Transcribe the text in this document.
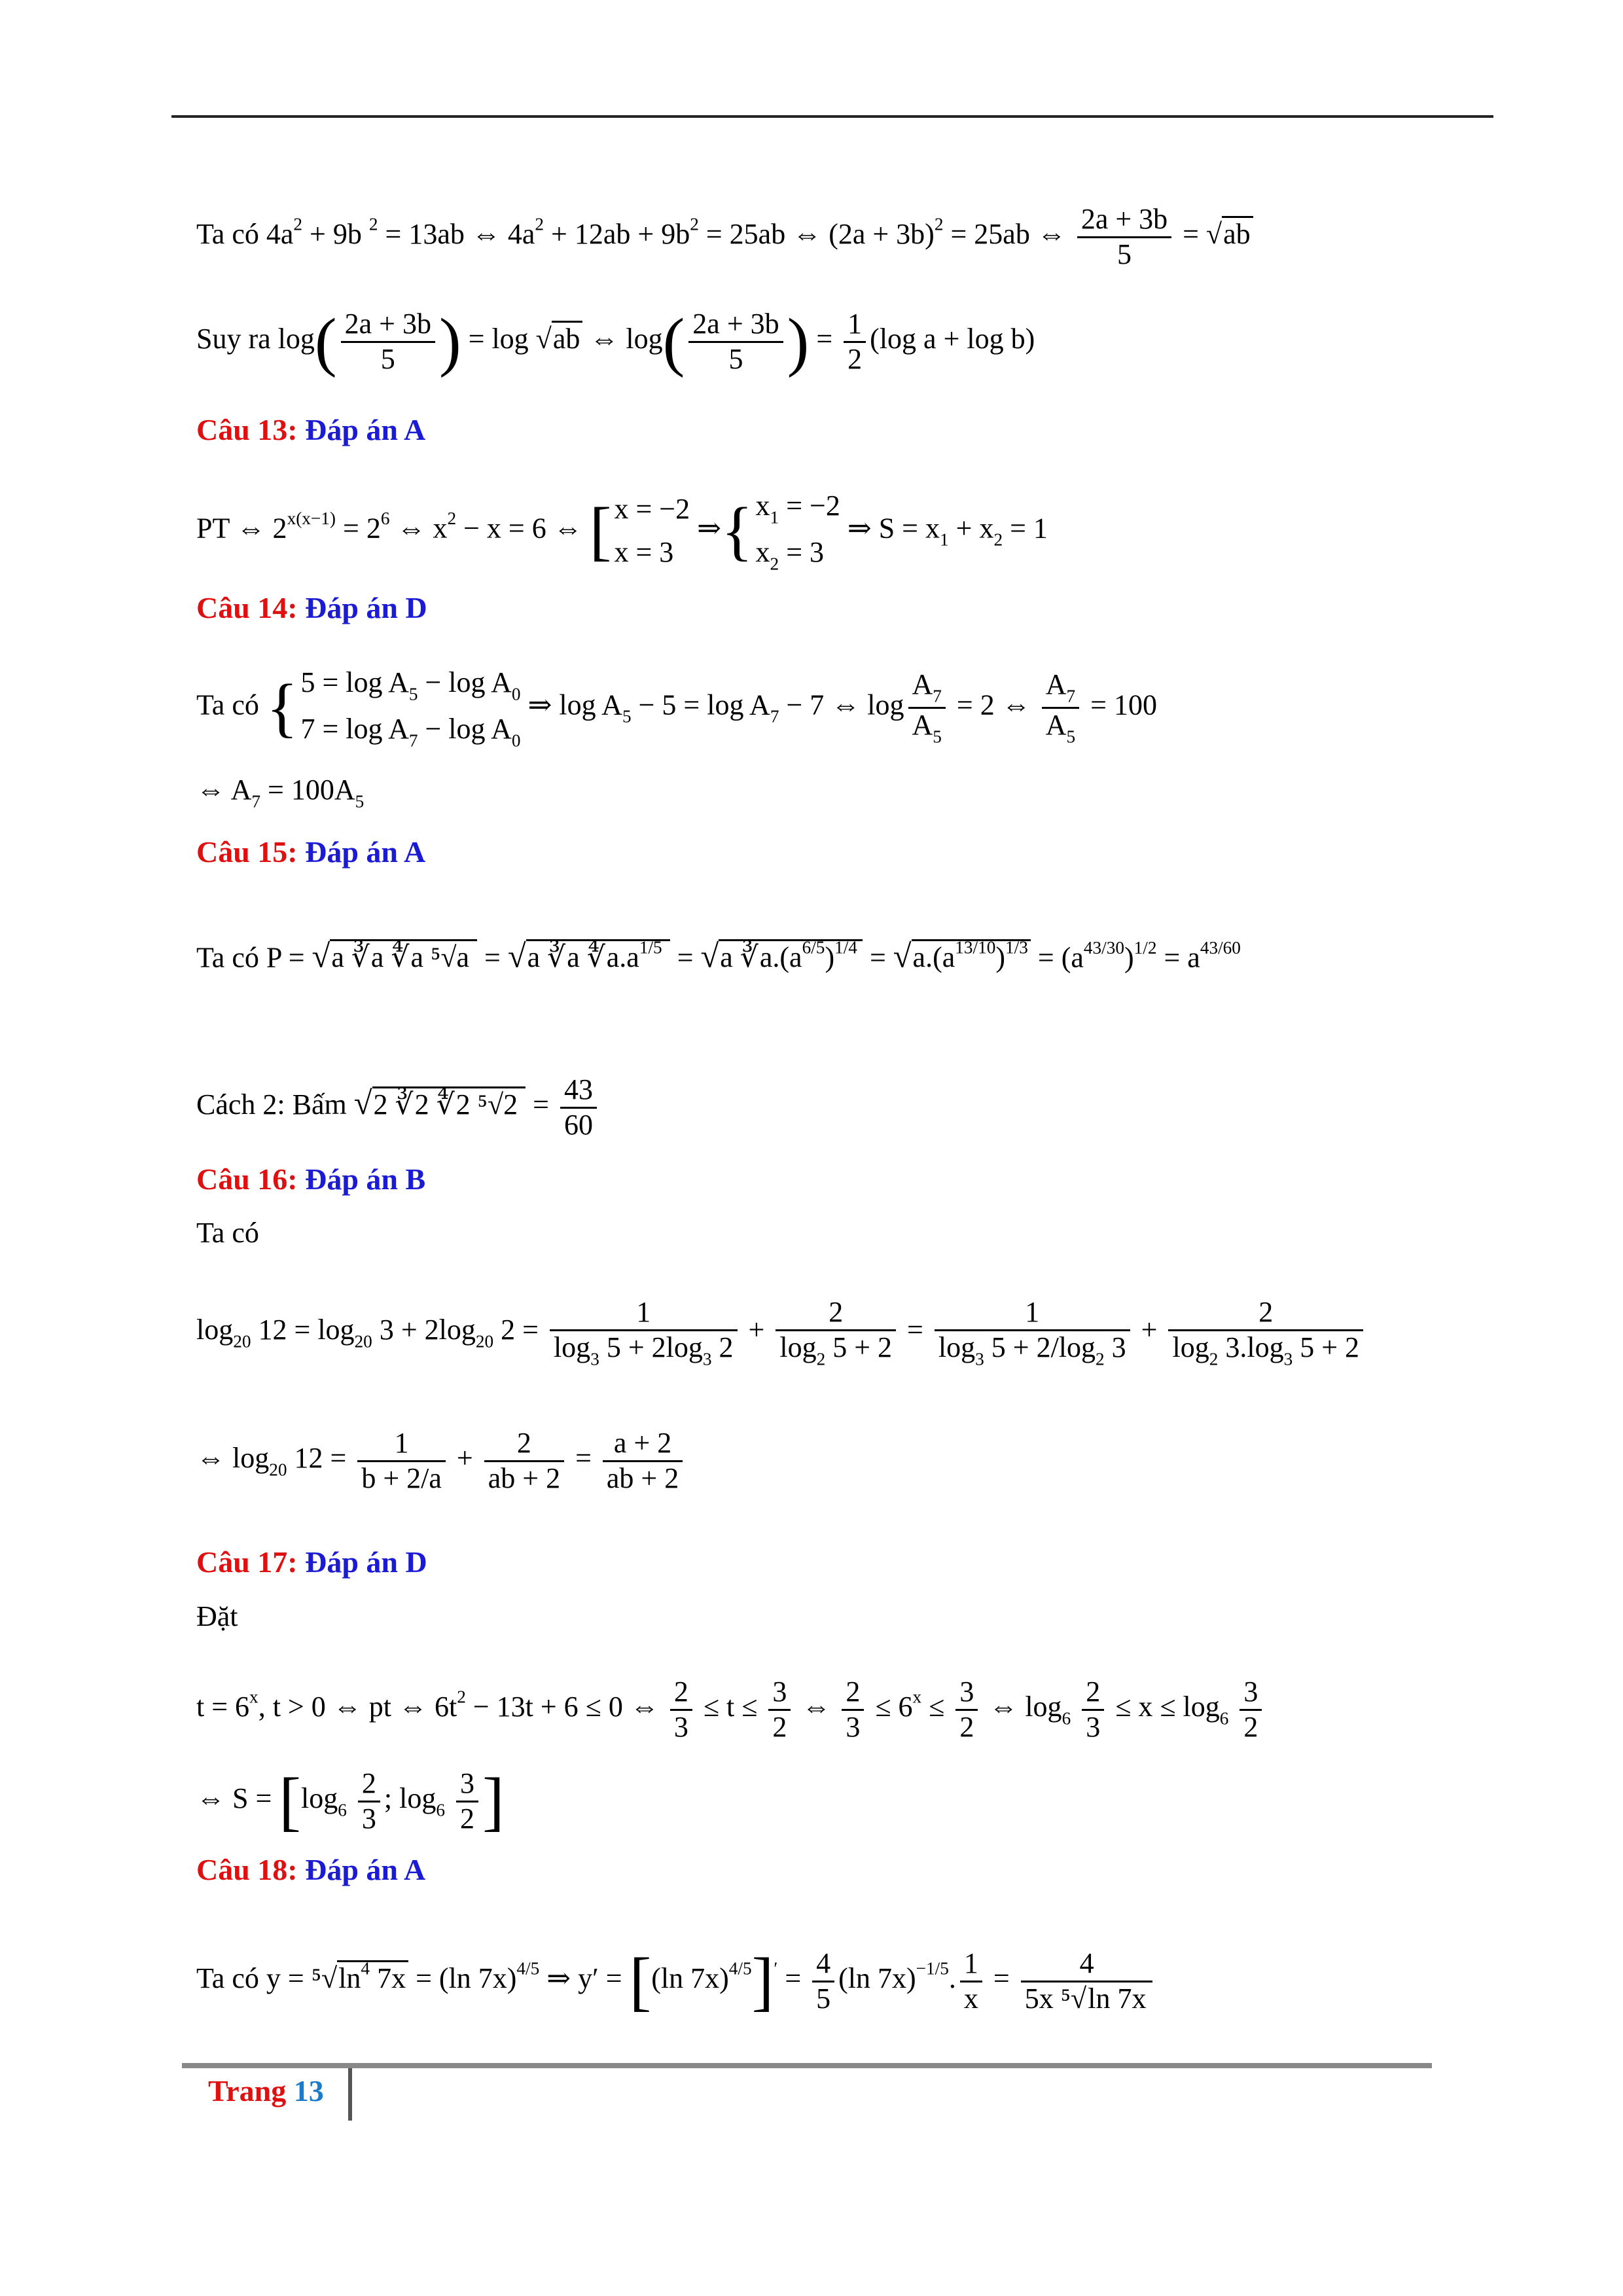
Ta có $4a^2 + 9b$ $^2$ = 13ab ⇔ $4a^2 + 12ab + 9b^2 = 25ab$ ⇔ $(2a + 3b)^2 = 25ab$ ⇔ $\frac{2a + 3b}{5} = √ab$
Suy ra $\log( \frac{2a + 3b}{5}$ ) = log √ab ⇔ $\log( \frac{2a + 3b}{5}$ ) = $\frac{1}{2} (\log$ a + log b)
Câu 13: Đáp án A
PT ⇔ $2^{x(x-1)} = 2^6$ ⇔ $x^2 - x = 6$ ⇔ [ x = −2
x = 3
⇒{ $x_1 = -2$
$x_2 = 3$
⇒ $S = x_1 + x_2 = 1$
Câu 14: Đáp án D
Ta có { $5 = \log A_5 - \log A_0$
$7 = \log A_7 - \log A_0$
⇒ $\log A_5 - 5 = \log A_7 - 7$ ⇔ $\log \frac{A_7}{A_5} = 2$ ⇔ $\frac{A_7}{A_5} = 100$
⇔ $A_7 = 100A_5$
Câu 15: Đáp án A
Ta có P = √a ∛a ∜a ⁵√a = √a ∛a $∜a.a^{1/5} = √a$ $∛a.(a^{6/5})^{1/4} = √a.(a^{13/10})^{1/3} = (a^{43/30})^{1/2} = a^{43/60}$
Cách 2: Bấm √2 ∛2 ∜2 $^5√2 = \frac{43}{60}$
Câu 16: Đáp án B
Ta có
$\log_{20} 12 = \log_{20} 3 + 2\log_{20}$ $2 = \frac{1}{\log_3 5 + 2\log_3 2} + \frac{2}{\log_2 5 + 2} = \frac{1}{\log_3 5 + 2/\log_2 3} + \frac{2}{\log_2 3.\log_3 5 + 2}$
⇔ $\log_{20} 12 = \frac{1}{b + 2/a} + \frac{2}{ab + 2} = \frac{a + 2}{ab + 2}$
Câu 17: Đáp án D
Đặt
$t = 6^x$, t > 0 ⇔ pt ⇔ $6t^2 - 13t + 6 \le 0$ ⇔ $\frac{2}{3} \le t \le \frac{3}{2}$ ⇔ $\frac{2}{3} \le 6^x \le \frac{3}{2}$ ⇔ $\log_6 \frac{2}{3} \le x \le \log_6 \frac{3}{2}$
⇔ $S = [\log_6 \frac{2}{3}$ ; $\log_6 \frac{3}{2}$ ]
Câu 18: Đáp án A
Ta có $y = ^5√\ln^4$ 7x = (ln 7x)$^{4/5}$ ⇒ y′ = [(ln $7x)^{4/5}]' = \frac{4}{5} (\ln$ 7x)$^{-1/5}$. $\frac{1}{x} = \frac{4}{\text{5x ⁵√ln 7x}}$
Trang 13
